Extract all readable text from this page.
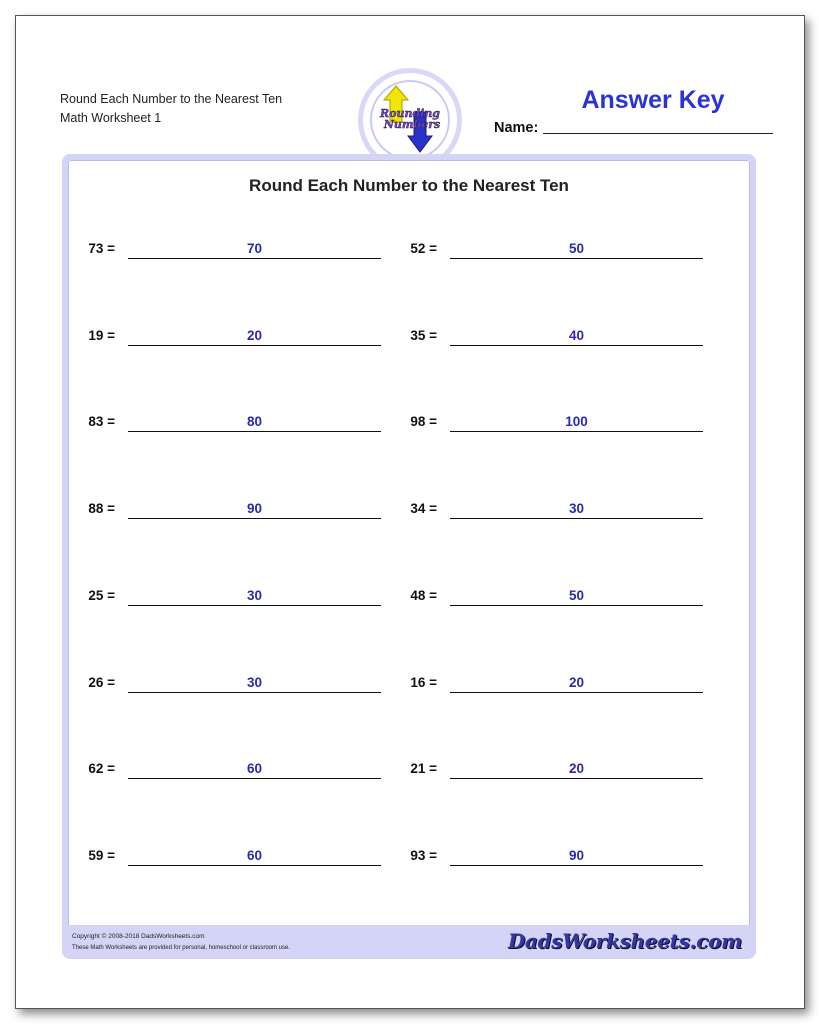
Round Each Number to the Nearest Ten
Math Worksheet 1	Rounding
Numbers	Name:
Answer Key
Round Each Number to the Nearest Ten
73 =	70
19 =	20
83 =	80
88 =	90
25 =	30
26 =	30
62 =	60
59 =	60
52 =	50
35 =	40
98 =	100
34 =	30
48 =	50
16 =	20
21 =	20
93 =	90
Copyright © 2008-2018 DadsWorksheets.com
These Math Worksheets are provided for personal, homeschool or classroom use.	DadsWorksheets.com
